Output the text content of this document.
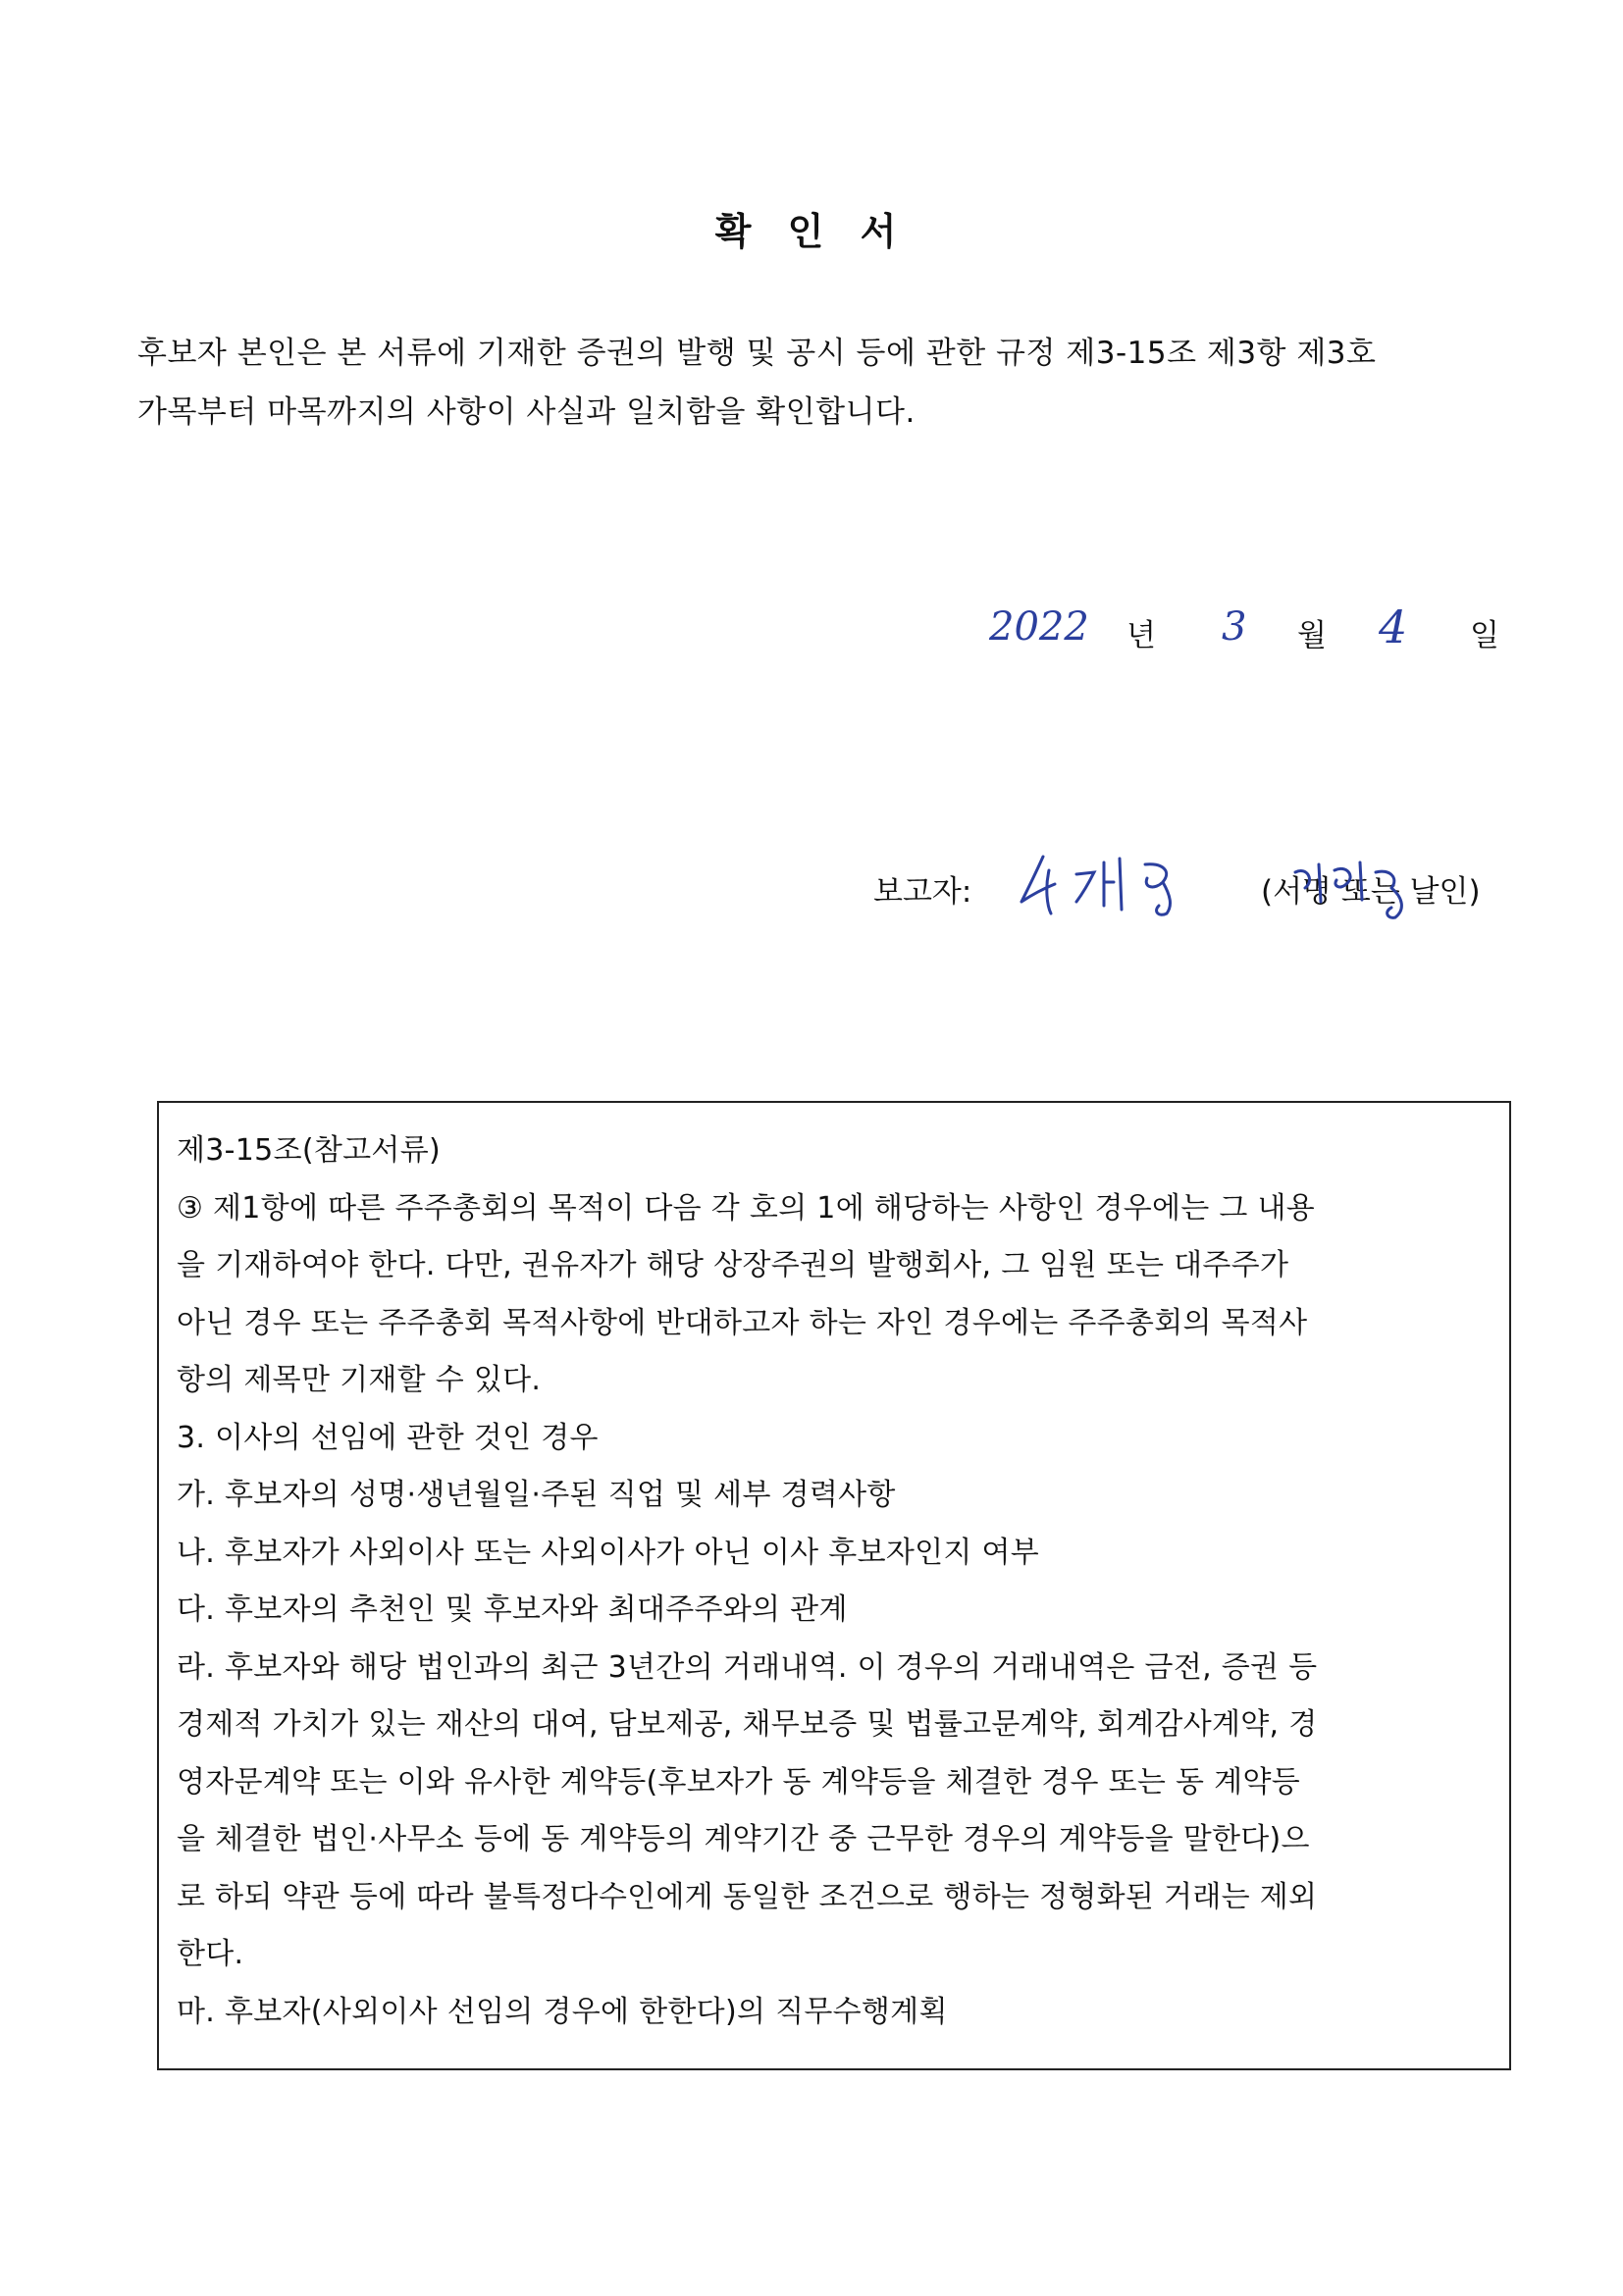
확 인 서

후보자 본인은 본 서류에 기재한 증권의 발행 및 공시 등에 관한 규정 제3-15조 제3항 제3호

가목부터 마목까지의 사항이 사실과 일치함을 확인합니다.

2022 년 3 월 4 일
보고자:	(서명 또는 날인)

제3-15조(참고서류)

③ 제1항에 따른 주주총회의 목적이 다음 각 호의 1에 해당하는 사항인 경우에는 그 내용

을 기재하여야 한다. 다만, 권유자가 해당 상장주권의 발행회사, 그 임원 또는 대주주가

아닌 경우 또는 주주총회 목적사항에 반대하고자 하는 자인 경우에는 주주총회의 목적사

항의 제목만 기재할 수 있다.

3. 이사의 선임에 관한 것인 경우

가. 후보자의 성명·생년월일·주된 직업 및 세부 경력사항

나. 후보자가 사외이사 또는 사외이사가 아닌 이사 후보자인지 여부

다. 후보자의 추천인 및 후보자와 최대주주와의 관계

라. 후보자와 해당 법인과의 최근 3년간의 거래내역. 이 경우의 거래내역은 금전, 증권 등

경제적 가치가 있는 재산의 대여, 담보제공, 채무보증 및 법률고문계약, 회계감사계약, 경

영자문계약 또는 이와 유사한 계약등(후보자가 동 계약등을 체결한 경우 또는 동 계약등

을 체결한 법인·사무소 등에 동 계약등의 계약기간 중 근무한 경우의 계약등을 말한다)으

로 하되 약관 등에 따라 불특정다수인에게 동일한 조건으로 행하는 정형화된 거래는 제외

한다.

마. 후보자(사외이사 선임의 경우에 한한다)의 직무수행계획
